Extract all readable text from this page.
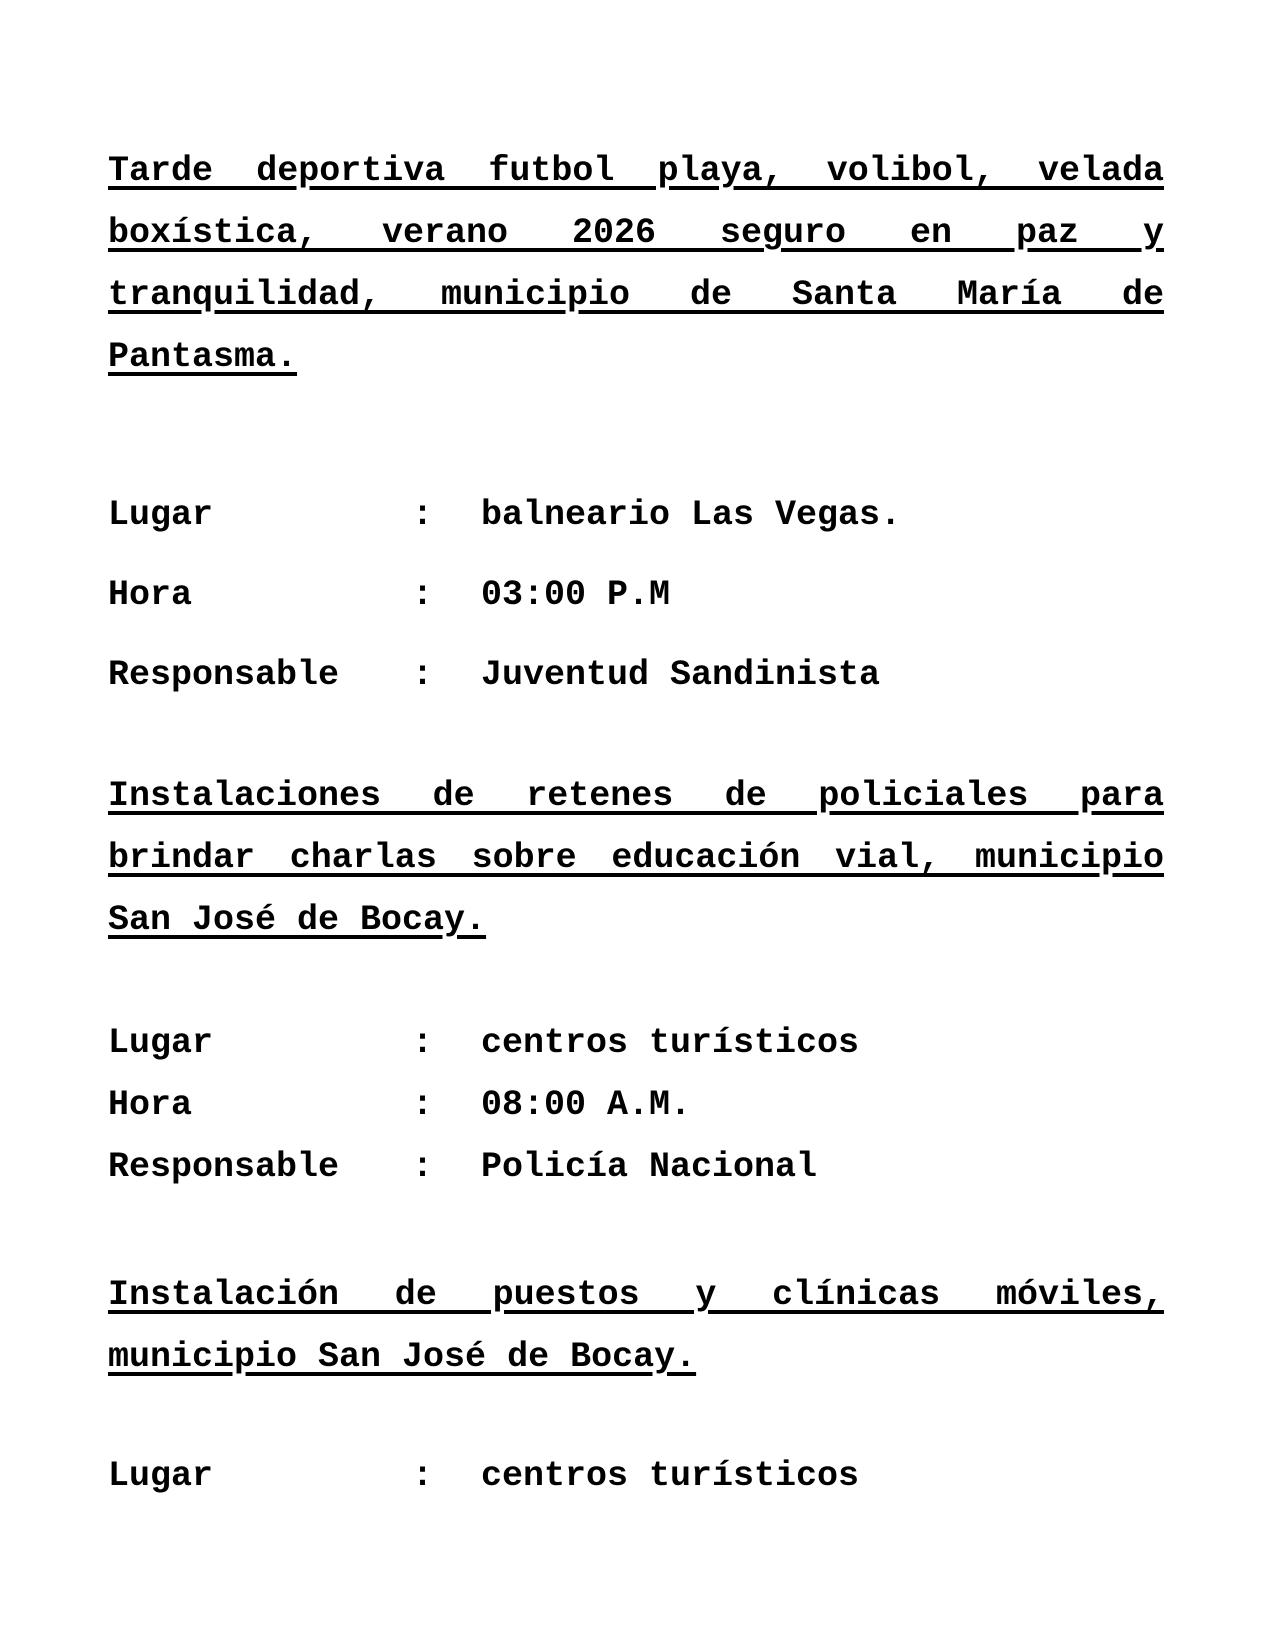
Tarde deportiva futbol playa, volibol, velada
boxística, verano 2026 seguro en paz y
tranquilidad, municipio de Santa María de
Pantasma.
Lugar	: balneario Las Vegas.
Hora	: 03:00 P.M
Responsable : Juventud Sandinista
Instalaciones de retenes de policiales para
brindar charlas sobre educación vial, municipio
San José de Bocay.
Lugar	: centros turísticos
Hora	: 08:00 A.M.
Responsable : Policía Nacional
Instalación de puestos y clínicas móviles,
municipio San José de Bocay.
Lugar	: centros turísticos
